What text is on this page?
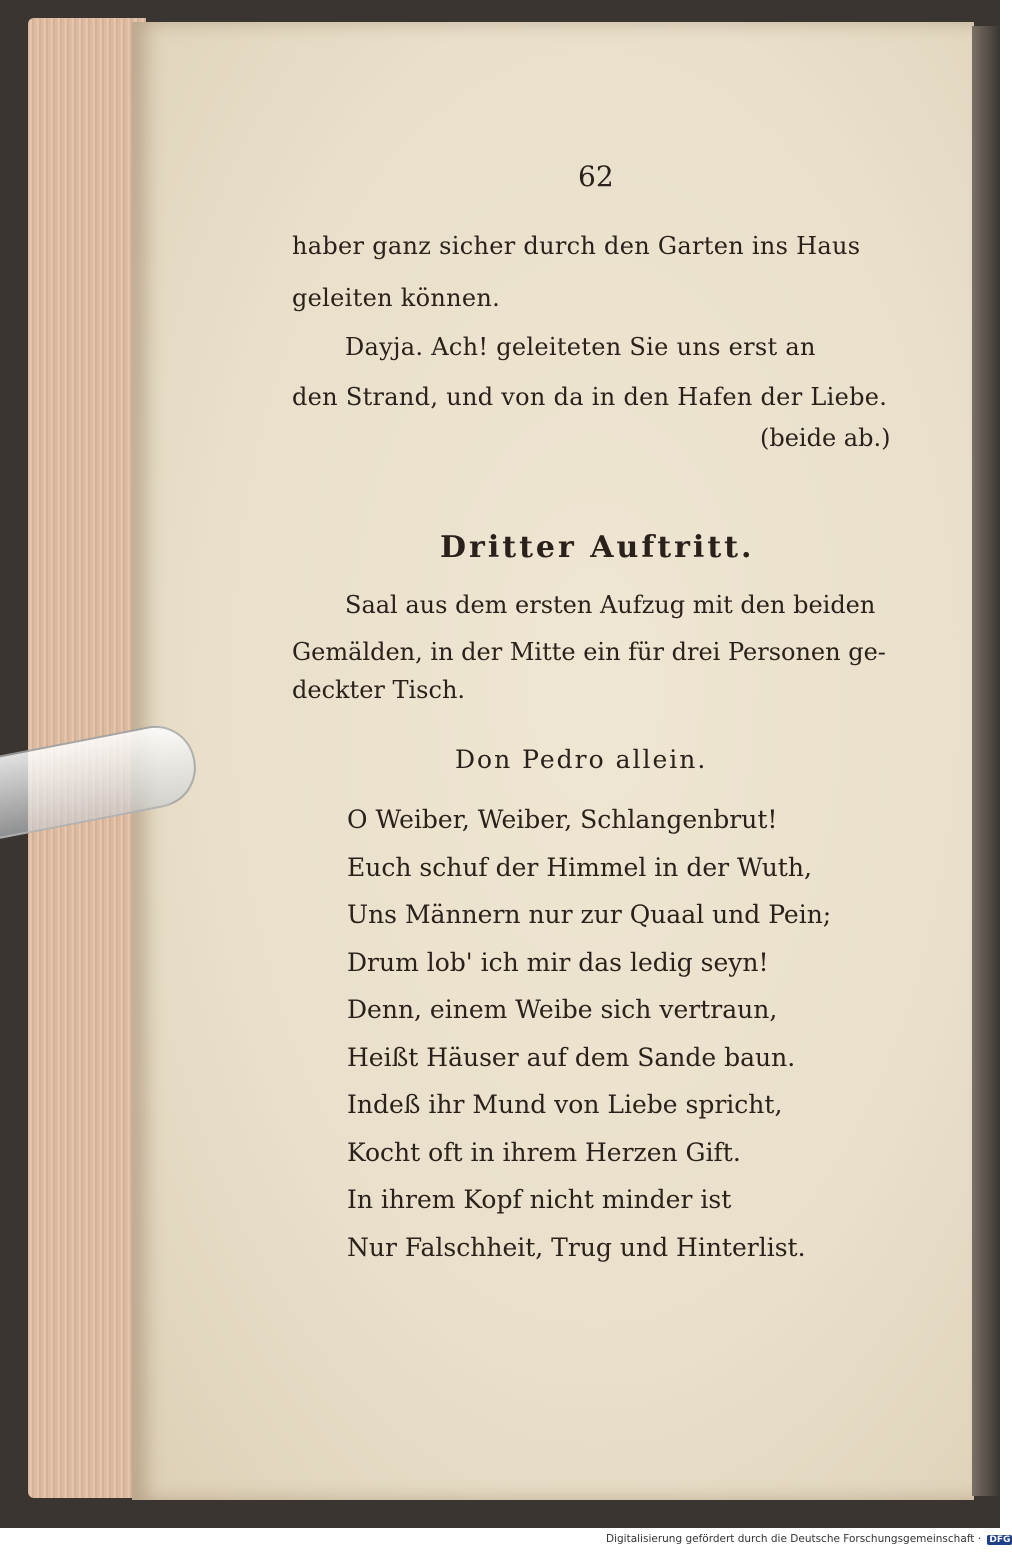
62
haber ganz sicher durch den Garten ins Haus
geleiten können.
Dayja. Ach! geleiteten Sie uns erst an
den Strand, und von da in den Hafen der Liebe.
(beide ab.)
Dritter Auftritt.
Saal aus dem ersten Aufzug mit den beiden
Gemälden, in der Mitte ein für drei Personen ge-
deckter Tisch.
Don Pedro allein.
O Weiber, Weiber, Schlangenbrut!
Euch schuf der Himmel in der Wuth,
Uns Männern nur zur Quaal und Pein;
Drum lob' ich mir das ledig seyn!
Denn, einem Weibe sich vertraun,
Heißt Häuser auf dem Sande baun.
Indeß ihr Mund von Liebe spricht,
Kocht oft in ihrem Herzen Gift.
In ihrem Kopf nicht minder ist
Nur Falschheit, Trug und Hinterlist.
Digitalisierung gefördert durch die Deutsche Forschungsgemeinschaft · DFG
